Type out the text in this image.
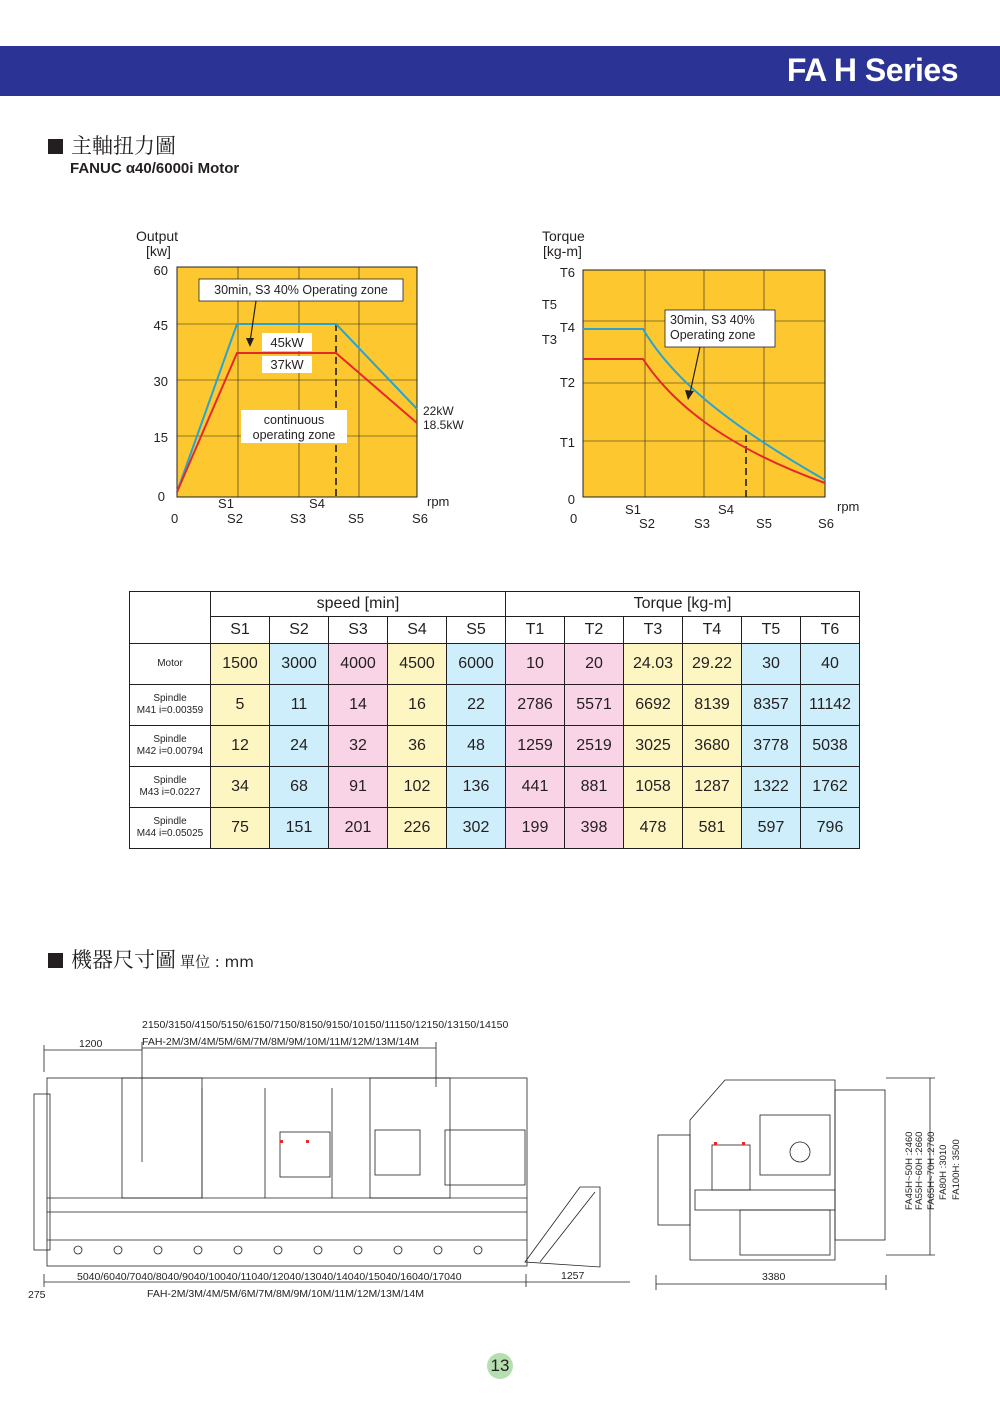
FA H Series
主軸扭力圖
FANUC α40/6000i Motor
Output
[kw]
60
45
30
15
0
0
S1	S4
S2	S3	S5	S6
rpm
30min, S3 40% Operating zone
45kW
37kW
22kW
18.5kW
continuous
operating zone
Torque
[kg-m]
T6
T5
T4
T3
T2
T1
0
0
S1	S4
S2	S3	S5	S6
rpm
30min, S3 40%
Operating zone
	speed [min]					Torque [kg-m]					
	S1	S2	S3	S4	S5	T1	T2	T3	T4	T5	T6
Motor	1500	3000	4000	4500	6000	10	20	24.03	29.22	30	40
Spindle
M41 i=0.00359	5	11	14	16	22	2786	5571	6692	8139	8357	11142
Spindle
M42 i=0.00794	12	24	32	36	48	1259	2519	3025	3680	3778	5038
Spindle
M43 i=0.0227	34	68	91	102	136	441	881	1058	1287	1322	1762
Spindle
M44 i=0.05025	75	151	201	226	302	199	398	478	581	597	796
機器尺寸圖 單位 : mm
2150/3150/4150/5150/6150/7150/8150/9150/10150/11150/12150/13150/14150
FAH-2M/3M/4M/5M/6M/7M/8M/9M/10M/11M/12M/13M/14M
1200
5040/6040/7040/8040/9040/10040/11040/12040/13040/14040/15040/16040/17040
FAH-2M/3M/4M/5M/6M/7M/8M/9M/10M/11M/12M/13M/14M
275
1257	3380
FA45H~50H :2460 FA55H~60H :2660 FA65H~70H :2760 FA80H :3010 FA100H: 3500
13
